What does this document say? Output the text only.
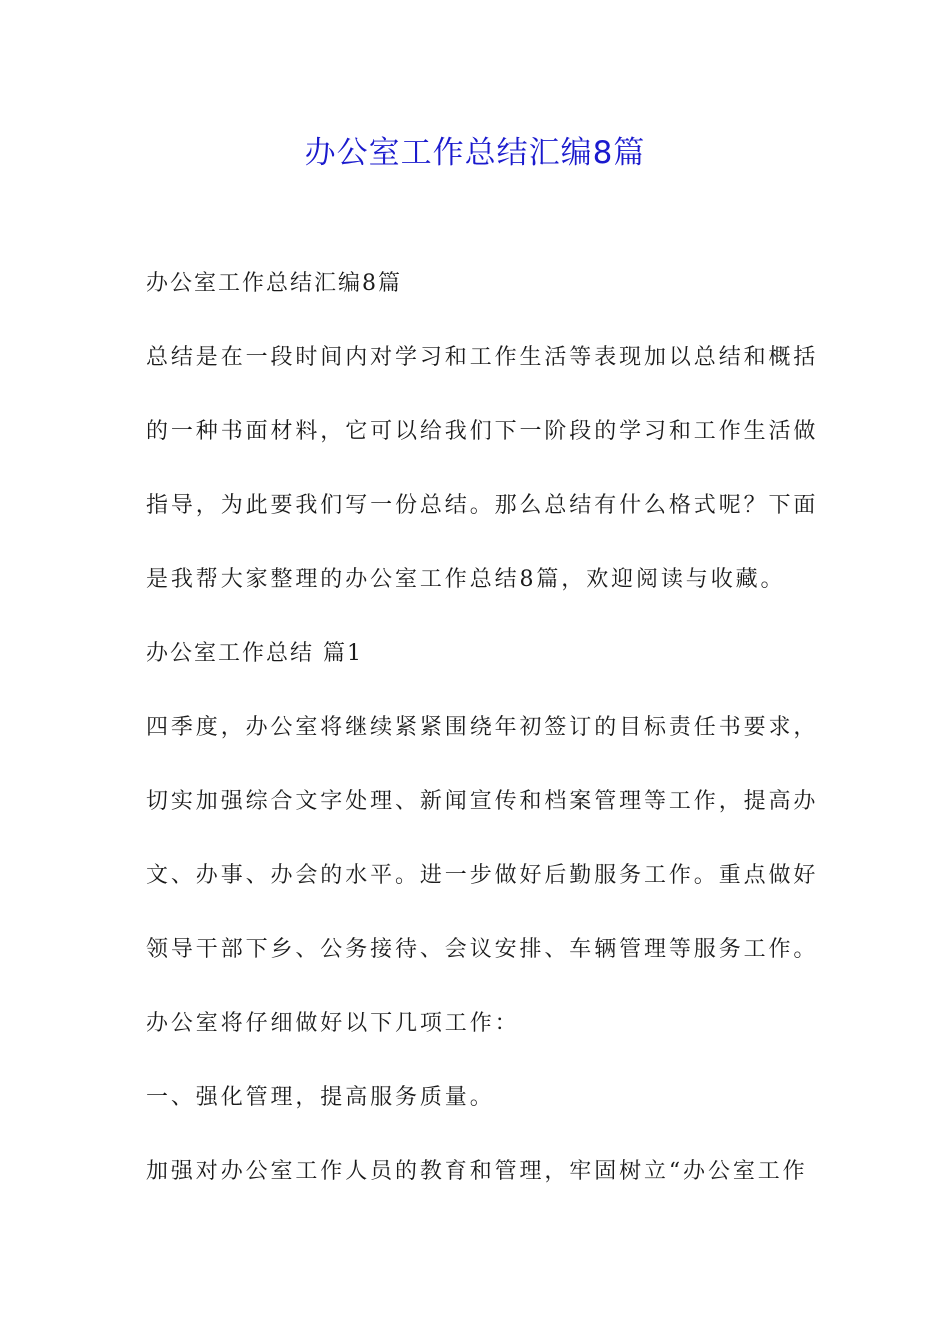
办公室工作总结汇编8篇
办公室工作总结汇编8篇
总结是在一段时间内对学习和工作生活等表现加以总结和概括
的一种书面材料，它可以给我们下一阶段的学习和工作生活做
指导，为此要我们写一份总结。那么总结有什么格式呢？下面
是我帮大家整理的办公室工作总结8篇，欢迎阅读与收藏。
办公室工作总结 篇1
四季度，办公室将继续紧紧围绕年初签订的目标责任书要求，
切实加强综合文字处理、新闻宣传和档案管理等工作，提高办
文、办事、办会的水平。进一步做好后勤服务工作。重点做好
领导干部下乡、公务接待、会议安排、车辆管理等服务工作。
办公室将仔细做好以下几项工作：
一、强化管理，提高服务质量。
加强对办公室工作人员的教育和管理，牢固树立“办公室工作
